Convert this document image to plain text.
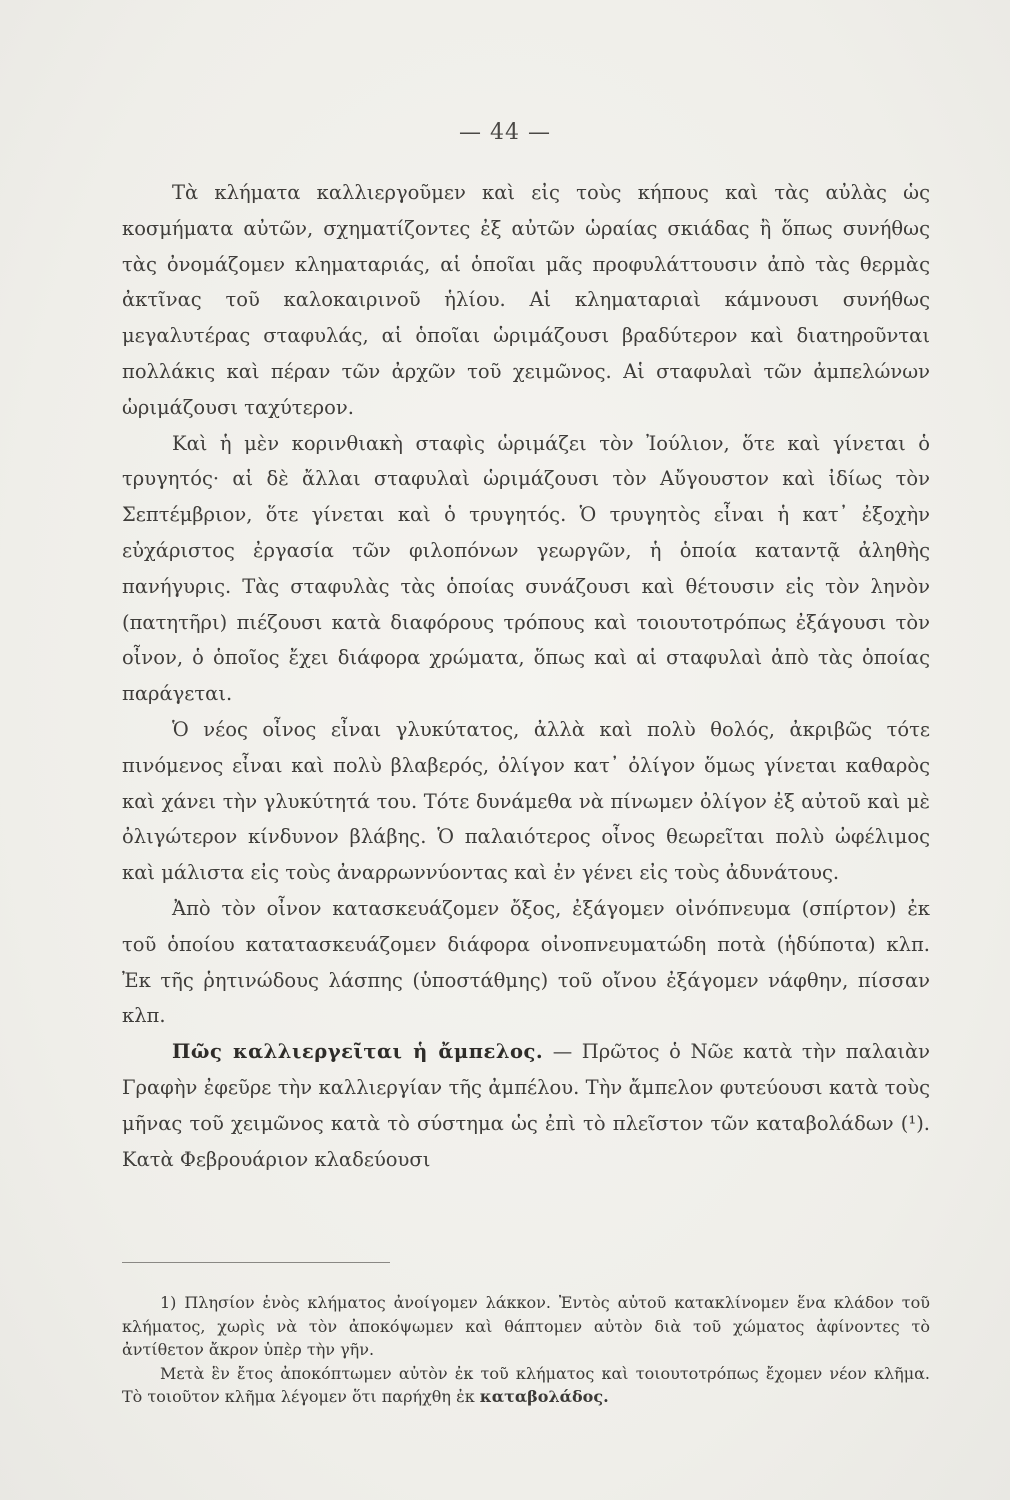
— 44 —

Τὰ κλήματα καλλιεργοῦμεν καὶ εἰς τοὺς κήπους καὶ τὰς αὐλὰς ὡς κοσμήματα αὐτῶν, σχηματίζοντες ἐξ αὐτῶν ὡραίας σκιάδας ἢ ὅπως συνήθως τὰς ὀνομάζομεν κληματαριάς, αἱ ὁποῖαι μᾶς προφυλάττουσιν ἀπὸ τὰς θερμὰς ἀκτῖνας τοῦ καλοκαιρινοῦ ἡλίου. Αἱ κληματαριαὶ κάμνουσι συνήθως μεγαλυτέρας σταφυλάς, αἱ ὁποῖαι ὡριμάζουσι βραδύτερον καὶ διατηροῦνται πολλάκις καὶ πέραν τῶν ἀρχῶν τοῦ χειμῶνος. Αἱ σταφυλαὶ τῶν ἀμπελώνων ὡριμάζουσι ταχύτερον.

Καὶ ἡ μὲν κορινθιακὴ σταφὶς ὡριμάζει τὸν Ἰούλιον, ὅτε καὶ γίνεται ὁ τρυγητός· αἱ δὲ ἄλλαι σταφυλαὶ ὡριμάζουσι τὸν Αὔγουστον καὶ ἰδίως τὸν Σεπτέμβριον, ὅτε γίνεται καὶ ὁ τρυγητός. Ὁ τρυγητὸς εἶναι ἡ κατ᾽ ἐξοχὴν εὐχάριστος ἐργασία τῶν φιλοπόνων γεωργῶν, ἡ ὁποία καταντᾷ ἀληθὴς πανήγυρις. Τὰς σταφυλὰς τὰς ὁποίας συνάζουσι καὶ θέτουσιν εἰς τὸν ληνὸν (πατητῆρι) πιέζουσι κατὰ διαφόρους τρόπους καὶ τοιουτοτρόπως ἐξάγουσι τὸν οἶνον, ὁ ὁποῖος ἔχει διάφορα χρώματα, ὅπως καὶ αἱ σταφυλαὶ ἀπὸ τὰς ὁποίας παράγεται.

Ὁ νέος οἶνος εἶναι γλυκύτατος, ἀλλὰ καὶ πολὺ θολός, ἀκριβῶς τότε πινόμενος εἶναι καὶ πολὺ βλαβερός, ὀλίγον κατ᾽ ὀλίγον ὅμως γίνεται καθαρὸς καὶ χάνει τὴν γλυκύτητά του. Τότε δυνάμεθα νὰ πίνωμεν ὀλίγον ἐξ αὐτοῦ καὶ μὲ ὀλιγώτερον κίνδυνον βλάβης. Ὁ παλαιότερος οἶνος θεωρεῖται πολὺ ὠφέλιμος καὶ μάλιστα εἰς τοὺς ἀναρρωννύοντας καὶ ἐν γένει εἰς τοὺς ἀδυνάτους.

Ἀπὸ τὸν οἶνον κατασκευάζομεν ὄξος, ἐξάγομεν οἰνόπνευμα (σπίρτον) ἐκ τοῦ ὁποίου κατατασκευάζομεν διάφορα οἰνοπνευματώδη ποτὰ (ἡδύποτα) κλπ. Ἐκ τῆς ῥητινώδους λάσπης (ὑποστάθμης) τοῦ οἴνου ἐξάγομεν νάφθην, πίσσαν κλπ.

Πῶς καλλιεργεῖται ἡ ἄμπελος. — Πρῶτος ὁ Νῶε κατὰ τὴν παλαιὰν Γραφὴν ἐφεῦρε τὴν καλλιεργίαν τῆς ἀμπέλου. Τὴν ἄμπελον φυτεύουσι κατὰ τοὺς μῆνας τοῦ χειμῶνος κατὰ τὸ σύστημα ὡς ἐπὶ τὸ πλεῖστον τῶν καταβολάδων (¹). Κατὰ Φεβρουάριον κλαδεύουσι

1) Πλησίον ἑνὸς κλήματος ἀνοίγομεν λάκκον. Ἐντὸς αὐτοῦ κατακλίνομεν ἕνα κλάδον τοῦ κλήματος, χωρὶς νὰ τὸν ἀποκόψωμεν καὶ θάπτομεν αὐτὸν διὰ τοῦ χώματος ἀφίνοντες τὸ ἀντίθετον ἄκρον ὑπὲρ τὴν γῆν.

Μετὰ ἓν ἔτος ἀποκόπτωμεν αὐτὸν ἐκ τοῦ κλήματος καὶ τοιουτοτρόπως ἔχομεν νέον κλῆμα. Τὸ τοιοῦτον κλῆμα λέγομεν ὅτι παρήχθη ἐκ καταβολάδος.
